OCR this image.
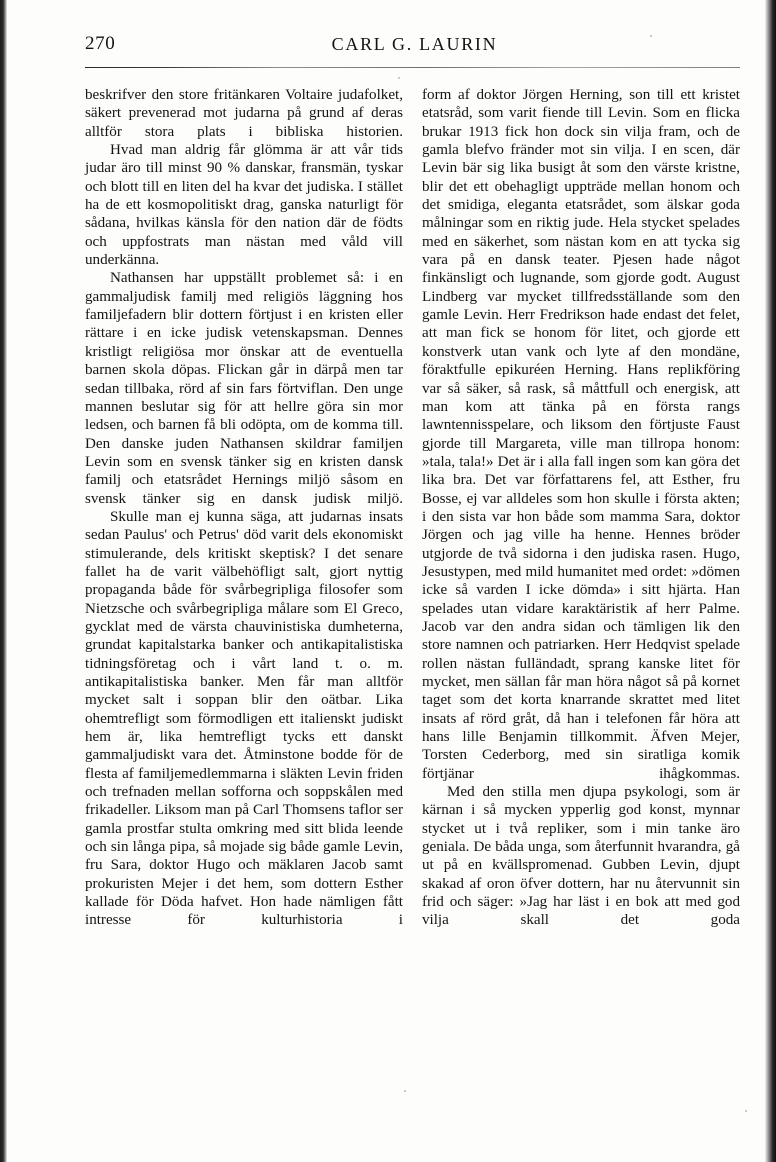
270	CARL G. LAURIN

beskrifver den store fritänkaren Voltaire judafolket, säkert prevenerad mot judarna på grund af deras alltför stora plats i bibliska historien.

Hvad man aldrig får glömma är att vår tids judar äro till minst 90 % danskar, fransmän, tyskar och blott till en liten del ha kvar det judiska. I stället ha de ett kosmopolitiskt drag, ganska naturligt för sådana, hvilkas känsla för den nation där de födts och uppfostrats man nästan med våld vill underkänna.

Nathansen har uppställt problemet så: i en gammaljudisk familj med religiös läggning hos familjefadern blir dottern förtjust i en kristen eller rättare i en icke judisk vetenskapsman. Dennes kristligt religiösa mor önskar att de eventuella barnen skola döpas. Flickan går in därpå men tar sedan tillbaka, rörd af sin fars förtviflan. Den unge mannen beslutar sig för att hellre göra sin mor ledsen, och barnen få bli odöpta, om de komma till. Den danske juden Nathansen skildrar familjen Levin som en svensk tänker sig en kristen dansk familj och etatsrådet Hernings miljö såsom en svensk tänker sig en dansk judisk miljö.

Skulle man ej kunna säga, att judarnas insats sedan Paulus' och Petrus' död varit dels ekonomiskt stimulerande, dels kritiskt skeptisk? I det senare fallet ha de varit välbehöfligt salt, gjort nyttig propaganda både för svårbegripliga filosofer som Nietzsche och svårbegripliga målare som El Greco, gycklat med de värsta chauvinistiska dumheterna, grundat kapitalstarka banker och antikapitalistiska tidningsföretag och i vårt land t. o. m. antikapitalistiska banker. Men får man alltför mycket salt i soppan blir den oätbar. Lika ohemtrefligt som förmodligen ett italienskt judiskt hem är, lika hemtrefligt tycks ett danskt gammaljudiskt vara det. Åtminstone bodde för de flesta af familjemedlemmarna i släkten Levin friden och trefnaden mellan sofforna och soppskålen med frikadeller. Liksom man på Carl Thomsens taflor ser gamla prostfar stulta omkring med sitt blida leende och sin långa pipa, så mojade sig både gamle Levin, fru Sara, doktor Hugo och mäklaren Jacob samt prokuristen Mejer i det hem, som dottern Esther kallade för Döda hafvet. Hon hade nämligen fått intresse för kulturhistoria i

form af doktor Jörgen Herning, son till ett kristet etatsråd, som varit fiende till Levin. Som en flicka brukar 1913 fick hon dock sin vilja fram, och de gamla blefvo fränder mot sin vilja. I en scen, där Levin bär sig lika busigt åt som den värste kristne, blir det ett obehagligt uppträde mellan honom och det smidiga, eleganta etatsrådet, som älskar goda målningar som en riktig jude. Hela stycket spelades med en säkerhet, som nästan kom en att tycka sig vara på en dansk teater. Pjesen hade något finkänsligt och lugnande, som gjorde godt. August Lindberg var mycket tillfredsställande som den gamle Levin. Herr Fredrikson hade endast det felet, att man fick se honom för litet, och gjorde ett konstverk utan vank och lyte af den mondäne, föraktfulle epikuréen Herning. Hans replikföring var så säker, så rask, så måttfull och energisk, att man kom att tänka på en första rangs lawntennisspelare, och liksom den förtjuste Faust gjorde till Margareta, ville man tillropa honom: »tala, tala!» Det är i alla fall ingen som kan göra det lika bra. Det var författarens fel, att Esther, fru Bosse, ej var alldeles som hon skulle i första akten; i den sista var hon både som mamma Sara, doktor Jörgen och jag ville ha henne. Hennes bröder utgjorde de två sidorna i den judiska rasen. Hugo, Jesustypen, med mild humanitet med ordet: »dömen icke så varden I icke dömda» i sitt hjärta. Han spelades utan vidare karaktäristik af herr Palme. Jacob var den andra sidan och tämligen lik den store namnen och patriarken. Herr Hedqvist spelade rollen nästan fulländadt, sprang kanske litet för mycket, men sällan får man höra något så på kornet taget som det korta knarrande skrattet med litet insats af rörd gråt, då han i telefonen får höra att hans lille Benjamin tillkommit. Äfven Mejer, Torsten Cederborg, med sin siratliga komik förtjänar ihågkommas.

Med den stilla men djupa psykologi, som är kärnan i så mycken ypperlig god konst, mynnar stycket ut i två repliker, som i min tanke äro geniala. De båda unga, som återfunnit hvarandra, gå ut på en kvällspromenad. Gubben Levin, djupt skakad af oron öfver dottern, har nu återvunnit sin frid och säger: »Jag har läst i en bok att med god vilja skall det goda
